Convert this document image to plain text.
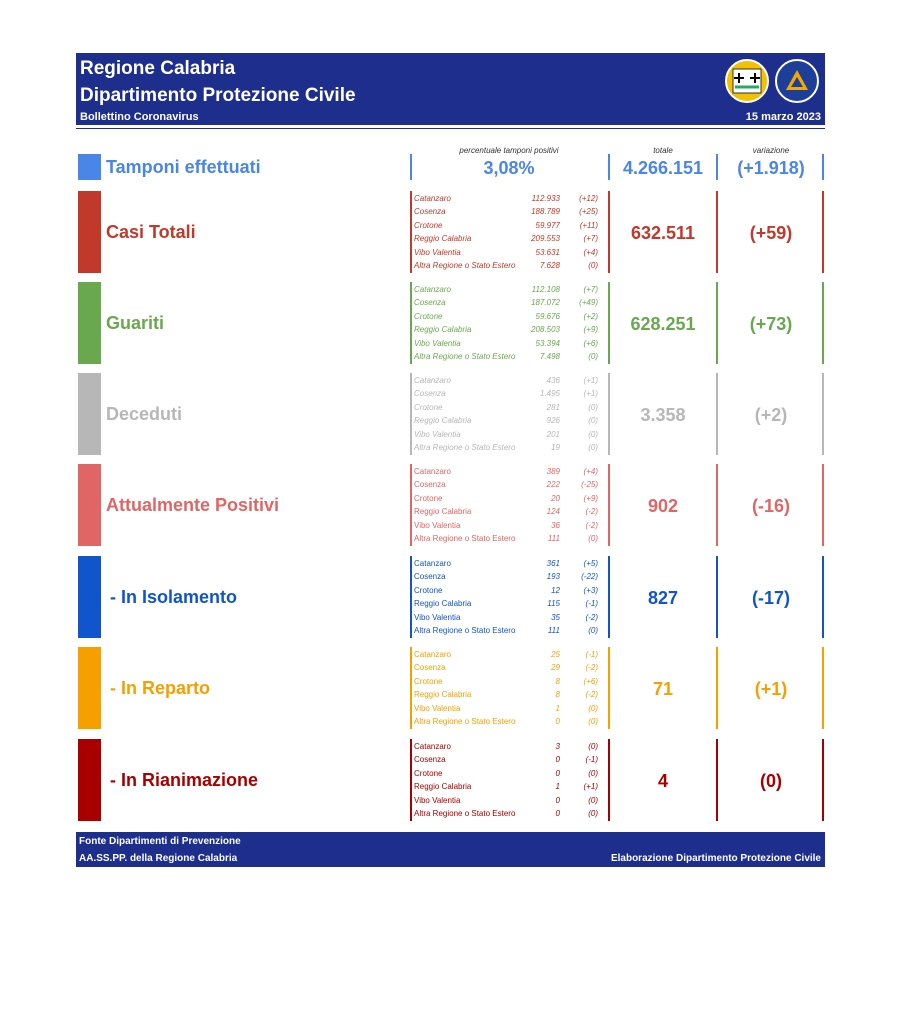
Regione Calabria
Dipartimento Protezione Civile
Bollettino Coronavirus	15 marzo 2023
percentuale tamponi positivi	totale	variazione
Tamponi effettuati	3,08%	4.266.151	(+1.918)
Casi Totali
Catanzaro	112.933 (+12)
Cosenza	188.789 (+25)
Crotone	59.977 (+11)
Reggio Calabria	209.553	(+7)
Vibo Valentia	53.631	(+4)
Altra Regione o Stato Estero	7.628	(0)
632.511	(+59)
Guariti
Catanzaro	112.108	(+7)
Cosenza	187.072 (+49)
Crotone	59.676	(+2)
Reggio Calabria	208.503	(+9)
Vibo Valentia	53.394	(+6)
Altra Regione o Stato Estero	7.498	(0)
628.251	(+73)
Deceduti
Catanzaro	436	(+1)
Cosenza	1.495	(+1)
Crotone	281	(0)
Reggio Calabria	926	(0)
Vibo Valentia	201	(0)
Altra Regione o Stato Estero	19	(0)
3.358	(+2)
Attualmente Positivi
Catanzaro	389	(+4)
Cosenza	222	(-25)
Crotone	20	(+9)
Reggio Calabria	124	(-2)
Vibo Valentia	36	(-2)
Altra Regione o Stato Estero	111	(0)
902	(-16)
- In Isolamento
Catanzaro	361	(+5)
Cosenza	193	(-22)
Crotone	12	(+3)
Reggio Calabria	115	(-1)
Vibo Valentia	35	(-2)
Altra Regione o Stato Estero	111	(0)
827	(-17)
- In Reparto
Catanzaro	25	(-1)
Cosenza	29	(-2)
Crotone	8	(+6)
Reggio Calabria	8	(-2)
Vibo Valentia	1	(0)
Altra Regione o Stato Estero	0	(0)
71	(+1)
- In Rianimazione
Catanzaro	3	(0)
Cosenza	0	(-1)
Crotone	0	(0)
Reggio Calabria	1	(+1)
Vibo Valentia	0	(0)
Altra Regione o Stato Estero	0	(0)
4	(0)
Fonte Dipartimenti di Prevenzione
AA.SS.PP. della Regione Calabria	Elaborazione Dipartimento Protezione Civile
